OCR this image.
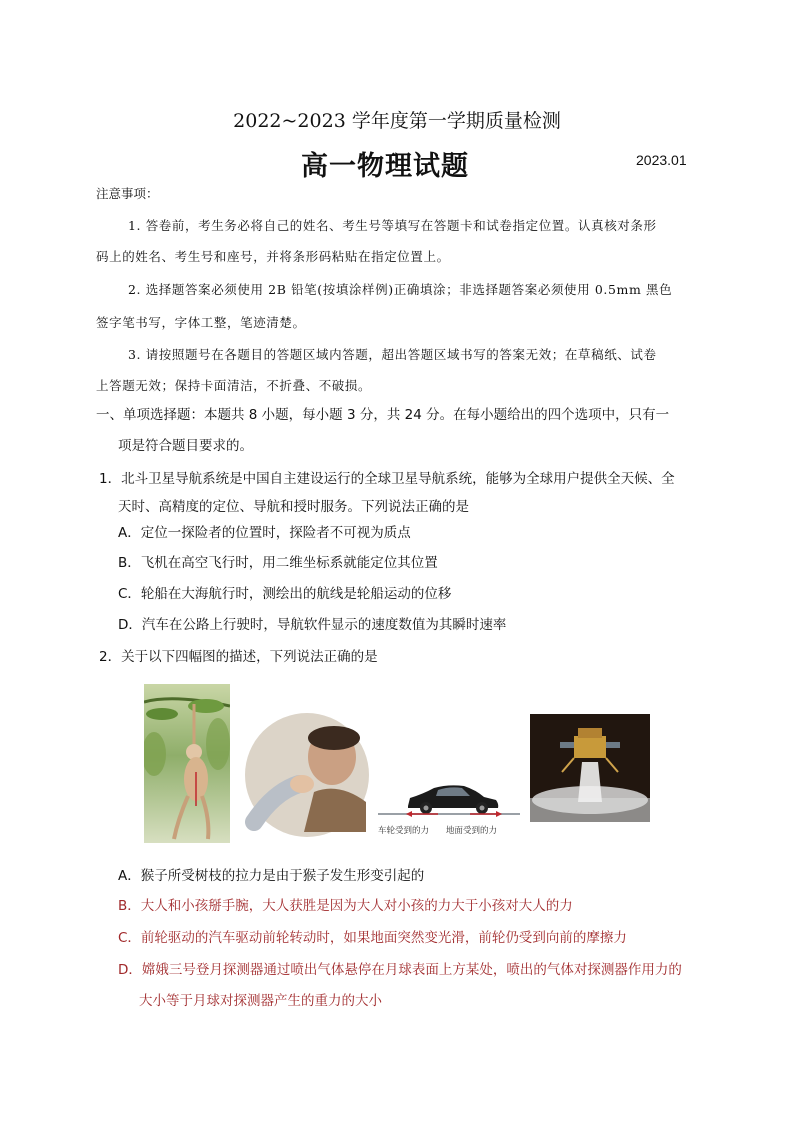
2022~2023 学年度第一学期质量检测
高一物理试题	2023.01
注意事项：
1. 答卷前，考生务必将自己的姓名、考生号等填写在答题卡和试卷指定位置。认真核对条形
码上的姓名、考生号和座号，并将条形码粘贴在指定位置上。
2. 选择题答案必须使用 2B 铅笔(按填涂样例)正确填涂；非选择题答案必须使用 0.5mm 黑色
签字笔书写，字体工整，笔迹清楚。
3. 请按照题号在各题目的答题区域内答题，超出答题区域书写的答案无效；在草稿纸、试卷
上答题无效；保持卡面清洁，不折叠、不破损。
一、单项选择题：本题共 8 小题，每小题 3 分，共 24 分。在每小题给出的四个选项中，只有一
项是符合题目要求的。
1．北斗卫星导航系统是中国自主建设运行的全球卫星导航系统，能够为全球用户提供全天候、全
天时、高精度的定位、导航和授时服务。下列说法正确的是
A．定位一探险者的位置时，探险者不可视为质点
B．飞机在高空飞行时，用二维坐标系就能定位其位置
C．轮船在大海航行时，测绘出的航线是轮船运动的位移
D．汽车在公路上行驶时，导航软件显示的速度数值为其瞬时速率
2．关于以下四幅图的描述，下列说法正确的是
车轮受到的力 地面受到的力
A．猴子所受树枝的拉力是由于猴子发生形变引起的
B．大人和小孩掰手腕，大人获胜是因为大人对小孩的力大于小孩对大人的力
C．前轮驱动的汽车驱动前轮转动时，如果地面突然变光滑，前轮仍受到向前的摩擦力
D．嫦娥三号登月探测器通过喷出气体悬停在月球表面上方某处，喷出的气体对探测器作用力的
大小等于月球对探测器产生的重力的大小
